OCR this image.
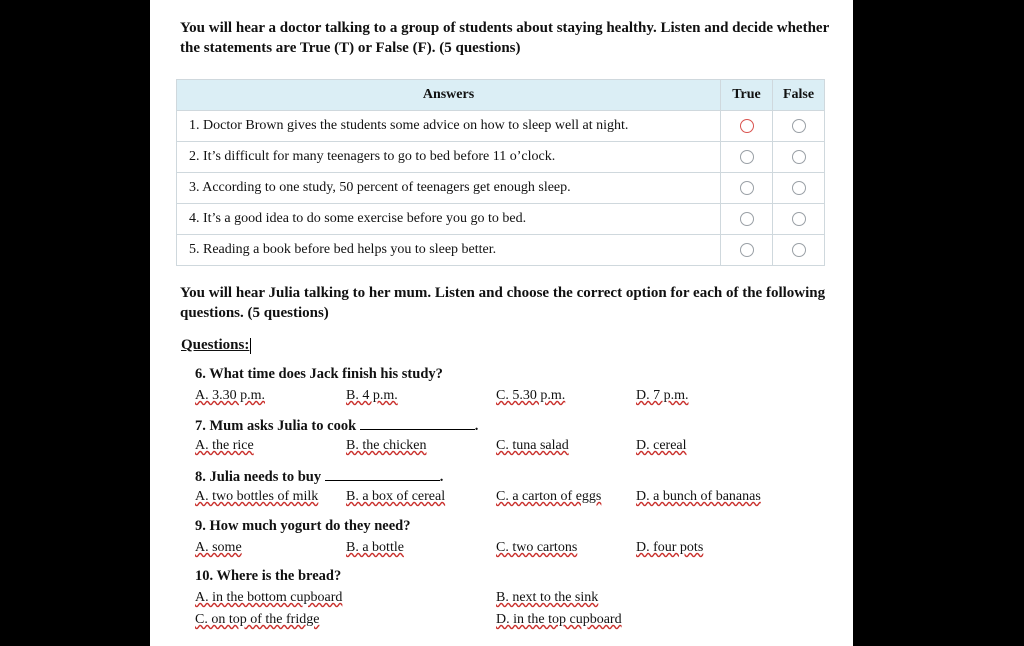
You will hear a doctor talking to a group of students about staying healthy. Listen and decide whether the statements are True (T) or False (F). (5 questions)
Answers	True	False
1. Doctor Brown gives the students some advice on how to sleep well at night.		
2. It’s difficult for many teenagers to go to bed before 11 o’clock.		
3. According to one study, 50 percent of teenagers get enough sleep.		
4. It’s a good idea to do some exercise before you go to bed.		
5. Reading a book before bed helps you to sleep better.		
You will hear Julia talking to her mum. Listen and choose the correct option for each of the following questions. (5 questions)
Questions:
6. What time does Jack finish his study?
A. 3.30 p.m.	B. 4 p.m.	C. 5.30 p.m.	D. 7 p.m.
7. Mum asks Julia to cook	.
A. the rice	B. the chicken	C. tuna salad	D. cereal
8. Julia needs to buy	.
A. two bottles of milk B. a box of cereal	C. a carton of eggs D. a bunch of bananas
9. How much yogurt do they need?
A. some	B. a bottle	C. two cartons	D. four pots
10. Where is the bread?
A. in the bottom cupboard	B. next to the sink
C. on top of the fridge	D. in the top cupboard
